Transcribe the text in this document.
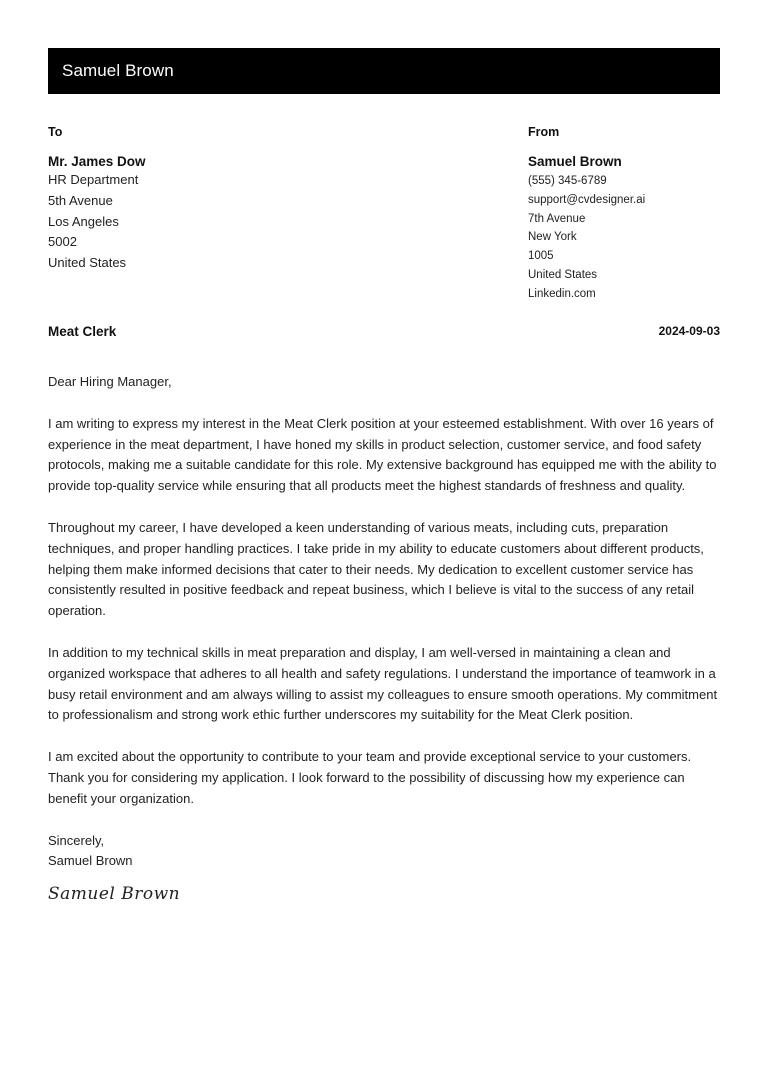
Samuel Brown
To
Mr. James Dow
HR Department
5th Avenue
Los Angeles
5002
United States
From
Samuel Brown
(555) 345-6789
support@cvdesigner.ai
7th Avenue
New York
1005
United States
Linkedin.com
Meat Clerk	2024-09-03

Dear Hiring Manager,

I am writing to express my interest in the Meat Clerk position at your esteemed establishment. With over 16 years of experience in the meat department, I have honed my skills in product selection, customer service, and food safety protocols, making me a suitable candidate for this role. My extensive background has equipped me with the ability to provide top-quality service while ensuring that all products meet the highest standards of freshness and quality.

Throughout my career, I have developed a keen understanding of various meats, including cuts, preparation techniques, and proper handling practices. I take pride in my ability to educate customers about different products, helping them make informed decisions that cater to their needs. My dedication to excellent customer service has consistently resulted in positive feedback and repeat business, which I believe is vital to the success of any retail operation.

In addition to my technical skills in meat preparation and display, I am well-versed in maintaining a clean and organized workspace that adheres to all health and safety regulations. I understand the importance of teamwork in a busy retail environment and am always willing to assist my colleagues to ensure smooth operations. My commitment to professionalism and strong work ethic further underscores my suitability for the Meat Clerk position.

I am excited about the opportunity to contribute to your team and provide exceptional service to your customers. Thank you for considering my application. I look forward to the possibility of discussing how my experience can benefit your organization.

Sincerely,
Samuel Brown
Samuel Brown
